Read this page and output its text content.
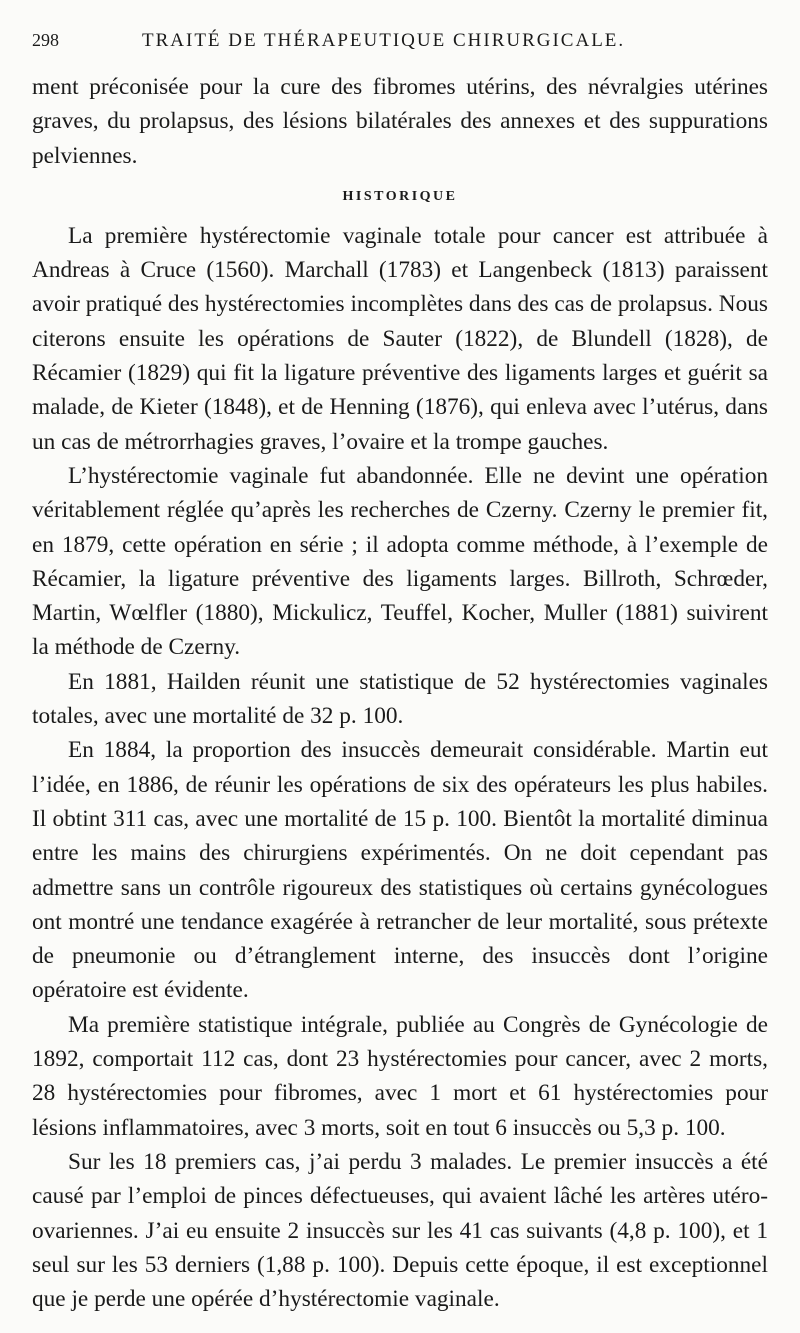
298	TRAITÉ DE THÉRAPEUTIQUE CHIRURGICALE.

ment préconisée pour la cure des fibromes utérins, des névralgies utérines graves, du prolapsus, des lésions bilatérales des annexes et des suppurations pelviennes.

HISTORIQUE

La première hystérectomie vaginale totale pour cancer est attribuée à Andreas à Cruce (1560). Marchall (1783) et Langenbeck (1813) paraissent avoir pratiqué des hystérectomies incomplètes dans des cas de prolapsus. Nous citerons ensuite les opérations de Sauter (1822), de Blundell (1828), de Récamier (1829) qui fit la ligature préventive des ligaments larges et guérit sa malade, de Kieter (1848), et de Henning (1876), qui enleva avec l’utérus, dans un cas de métrorrhagies graves, l’ovaire et la trompe gauches.

L’hystérectomie vaginale fut abandonnée. Elle ne devint une opération véritablement réglée qu’après les recherches de Czerny. Czerny le premier fit, en 1879, cette opération en série ; il adopta comme méthode, à l’exemple de Récamier, la ligature préventive des ligaments larges. Billroth, Schrœder, Martin, Wœlfler (1880), Mickulicz, Teuffel, Kocher, Muller (1881) suivirent la méthode de Czerny.

En 1881, Hailden réunit une statistique de 52 hystérectomies vaginales totales, avec une mortalité de 32 p. 100.

En 1884, la proportion des insuccès demeurait considérable. Martin eut l’idée, en 1886, de réunir les opérations de six des opérateurs les plus habiles. Il obtint 311 cas, avec une mortalité de 15 p. 100. Bientôt la mortalité diminua entre les mains des chirurgiens expérimentés. On ne doit cependant pas admettre sans un contrôle rigoureux des statistiques où certains gynécologues ont montré une tendance exagérée à retrancher de leur mortalité, sous prétexte de pneumonie ou d’étranglement interne, des insuccès dont l’origine opératoire est évidente.

Ma première statistique intégrale, publiée au Congrès de Gynécologie de 1892, comportait 112 cas, dont 23 hystérectomies pour cancer, avec 2 morts, 28 hystérectomies pour fibromes, avec 1 mort et 61 hystérectomies pour lésions inflammatoires, avec 3 morts, soit en tout 6 insuccès ou 5,3 p. 100.

Sur les 18 premiers cas, j’ai perdu 3 malades. Le premier insuccès a été causé par l’emploi de pinces défectueuses, qui avaient lâché les artères utéro-ovariennes. J’ai eu ensuite 2 insuccès sur les 41 cas suivants (4,8 p. 100), et 1 seul sur les 53 derniers (1,88 p. 100). Depuis cette époque, il est exceptionnel que je perde une opérée d’hystérectomie vaginale.
